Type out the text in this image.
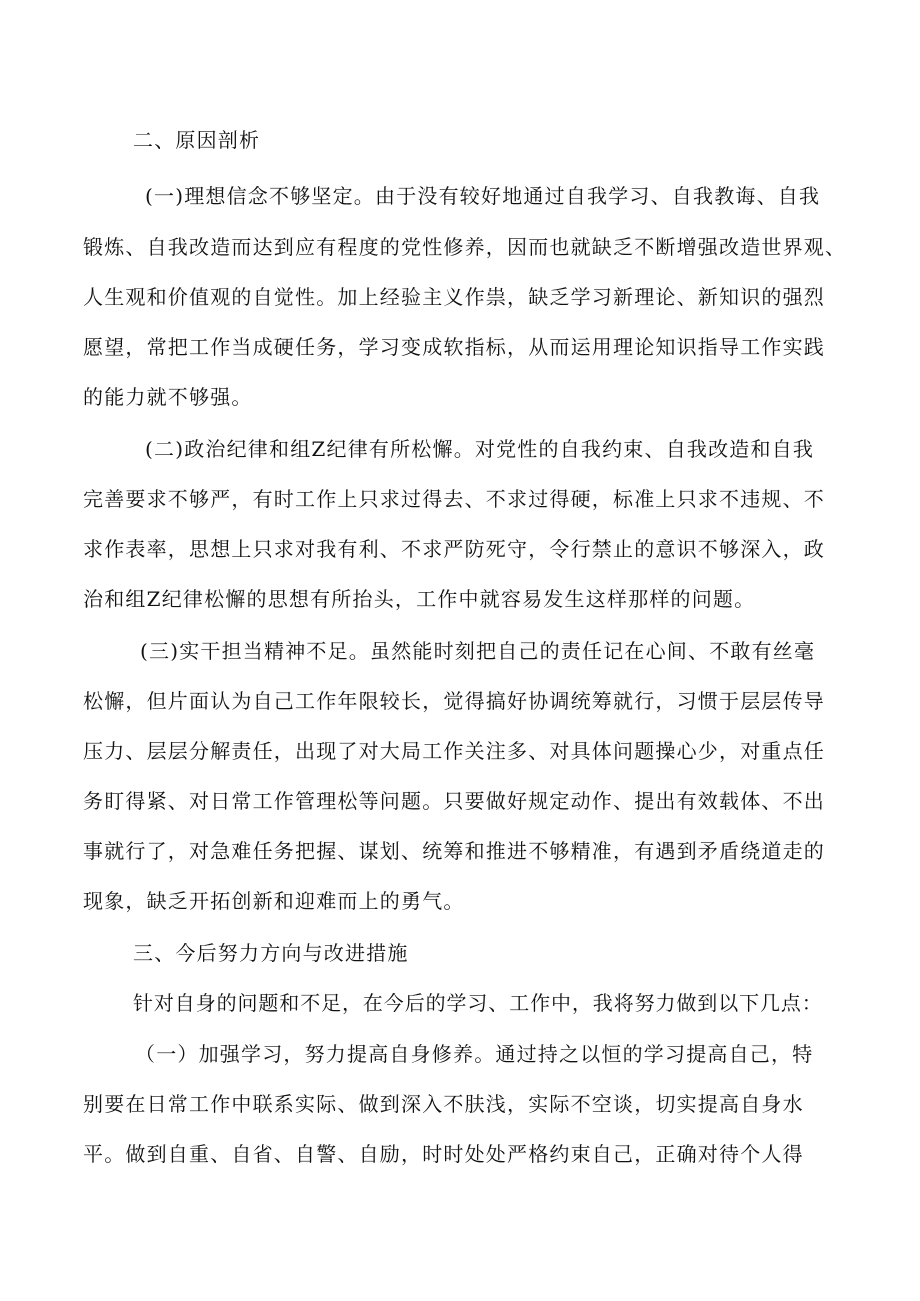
二、原因剖析
(一)理想信念不够坚定。由于没有较好地通过自我学习、自我教诲、自我
锻炼、自我改造而达到应有程度的党性修养，因而也就缺乏不断增强改造世界观、
人生观和价值观的自觉性。加上经验主义作祟，缺乏学习新理论、新知识的强烈
愿望，常把工作当成硬任务，学习变成软指标，从而运用理论知识指导工作实践
的能力就不够强。
(二)政治纪律和组Z纪律有所松懈。对党性的自我约束、自我改造和自我
完善要求不够严，有时工作上只求过得去、不求过得硬，标准上只求不违规、不
求作表率，思想上只求对我有利、不求严防死守，令行禁止的意识不够深入，政
治和组Z纪律松懈的思想有所抬头，工作中就容易发生这样那样的问题。
(三)实干担当精神不足。虽然能时刻把自己的责任记在心间、不敢有丝毫
松懈，但片面认为自己工作年限较长，觉得搞好协调统筹就行，习惯于层层传导
压力、层层分解责任，出现了对大局工作关注多、对具体问题操心少，对重点任
务盯得紧、对日常工作管理松等问题。只要做好规定动作、提出有效载体、不出
事就行了，对急难任务把握、谋划、统筹和推进不够精准，有遇到矛盾绕道走的
现象，缺乏开拓创新和迎难而上的勇气。
三、今后努力方向与改进措施
针对自身的问题和不足，在今后的学习、工作中，我将努力做到以下几点：
（一）加强学习，努力提高自身修养。通过持之以恒的学习提高自己，特
别要在日常工作中联系实际、做到深入不肤浅，实际不空谈，切实提高自身水
平。做到自重、自省、自警、自励，时时处处严格约束自己，正确对待个人得
